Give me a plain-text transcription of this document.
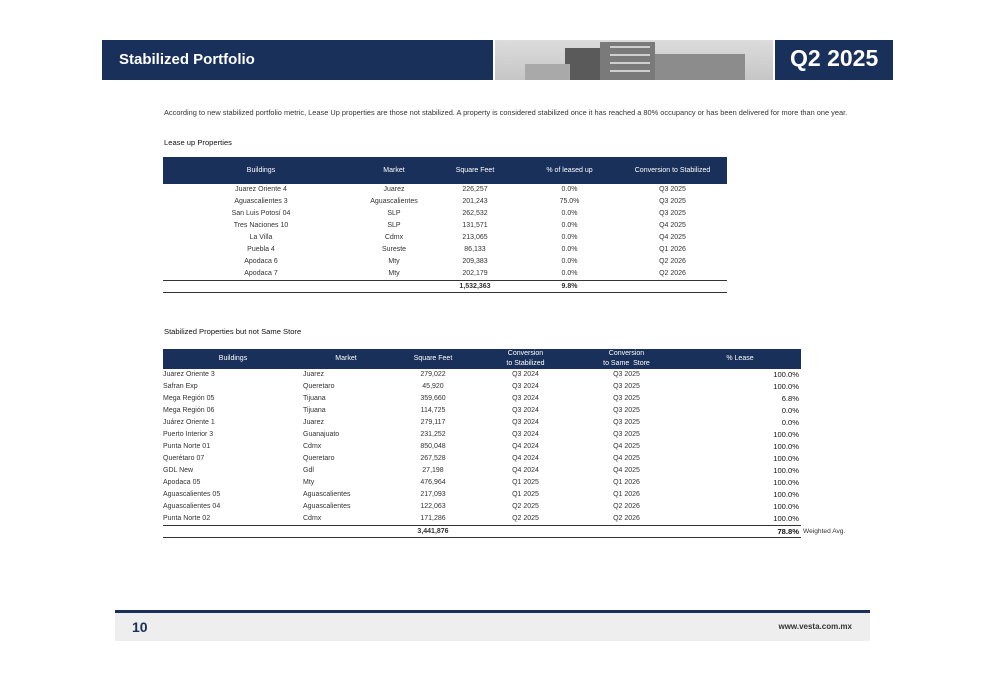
Stabilized Portfolio	Q2 2025
According to new stabilized portfolio metric, Lease Up properties are those not stabilized. A property is considered stabilized once it has reached a 80% occupancy or has been delivered for more than one year.
Lease up Properties
Buildings	Market	Square Feet	% of leased up	Conversion to Stabilized
Juarez Oriente 4	Juarez	226,257	0.0%	Q3 2025
Aguascalientes 3	Aguascalientes	201,243	75.0%	Q3 2025
San Luis Potosí 04	SLP	262,532	0.0%	Q3 2025
Tres Naciones 10	SLP	131,571	0.0%	Q4 2025
La Villa	Cdmx	213,065	0.0%	Q4 2025
Puebla 4	Sureste	86,133	0.0%	Q1 2026
Apodaca 6	Mty	209,383	0.0%	Q2 2026
Apodaca 7	Mty	202,179	0.0%	Q2 2026
		1,532,363	9.8%	
Stabilized Properties but not Same Store
Buildings	Market	Square Feet	Conversion
to Stabilized	Conversion
to Same  Store	% Lease
Juarez Oriente 3	Juarez	279,022	Q3 2024	Q3 2025	100.0%
Safran Exp	Queretaro	45,920	Q3 2024	Q3 2025	100.0%
Mega Región 05	Tijuana	359,660	Q3 2024	Q3 2025	6.8%
Mega Región 06	Tijuana	114,725	Q3 2024	Q3 2025	0.0%
Juárez Oriente 1	Juarez	279,117	Q3 2024	Q3 2025	0.0%
Puerto Interior 3	Guanajuato	231,252	Q3 2024	Q3 2025	100.0%
Punta Norte 01	Cdmx	850,048	Q4 2024	Q4 2025	100.0%
Querétaro 07	Queretaro	267,528	Q4 2024	Q4 2025	100.0%
GDL New	Gdl	27,198	Q4 2024	Q4 2025	100.0%
Apodaca 05	Mty	476,964	Q1 2025	Q1 2026	100.0%
Aguascalientes 05	Aguascalientes	217,093	Q1 2025	Q1 2026	100.0%
Aguascalientes 04	Aguascalientes	122,063	Q2 2025	Q2 2026	100.0%
Punta Norte 02	Cdmx	171,286	Q2 2025	Q2 2026	100.0%
		3,441,876			78.8% Weighted Avg.
10	www.vesta.com.mx
